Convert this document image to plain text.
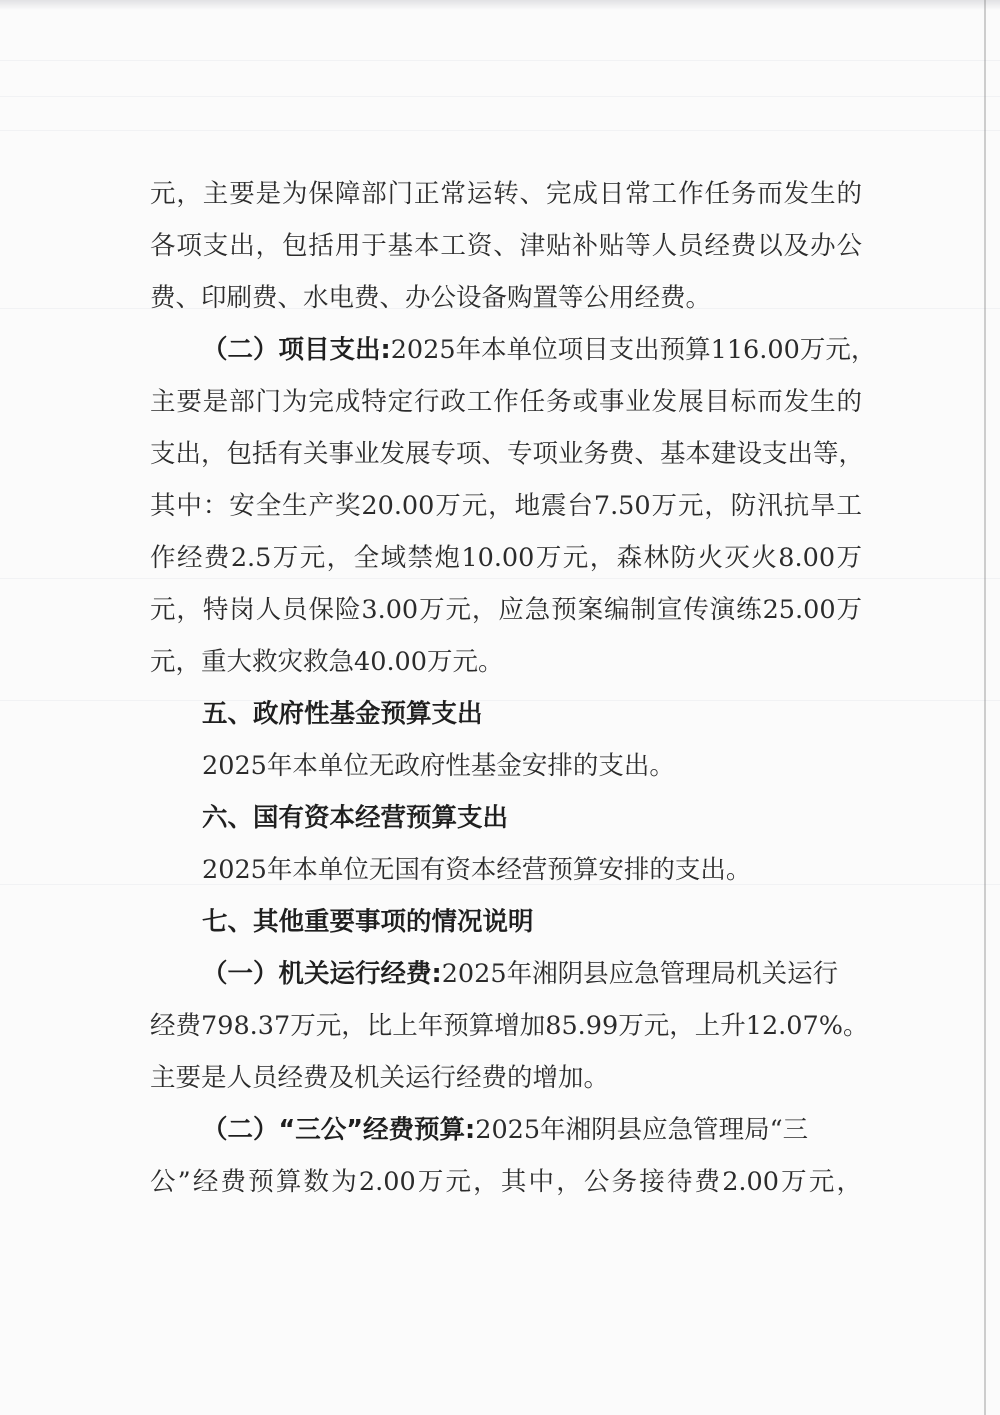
元，主要是为保障部门正常运转、完成日常工作任务而发生的
各项支出，包括用于基本工资、津贴补贴等人员经费以及办公
费、印刷费、水电费、办公设备购置等公用经费。
（二）项目支出:2025年本单位项目支出预算116.00万元，
主要是部门为完成特定行政工作任务或事业发展目标而发生的
支出，包括有关事业发展专项、专项业务费、基本建设支出等，
其中：安全生产奖20.00万元，地震台7.50万元，防汛抗旱工
作经费2.5万元，全域禁炮10.00万元，森林防火灭火8.00万
元，特岗人员保险3.00万元，应急预案编制宣传演练25.00万
元，重大救灾救急40.00万元。
五、政府性基金预算支出
2025年本单位无政府性基金安排的支出。
六、国有资本经营预算支出
2025年本单位无国有资本经营预算安排的支出。
七、其他重要事项的情况说明
（一）机关运行经费:2025年湘阴县应急管理局机关运行
经费798.37万元，比上年预算增加85.99万元，上升12.07%。
主要是人员经费及机关运行经费的增加。
（二）“三公”经费预算:2025年湘阴县应急管理局“三
公”经费预算数为2.00万元，其中，公务接待费2.00万元，
